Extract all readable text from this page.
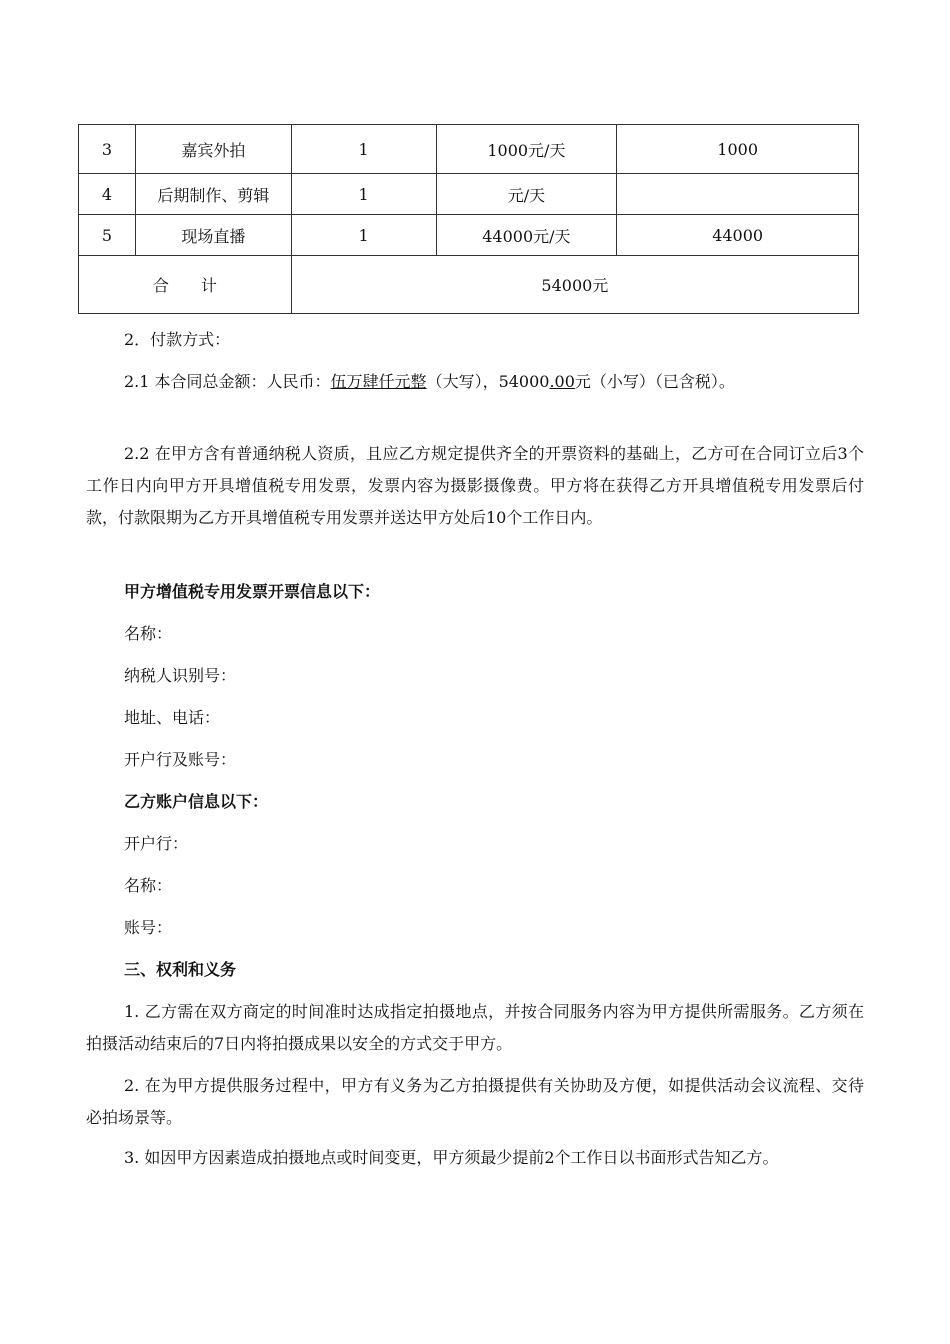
3	嘉宾外拍	1	1000元/天	1000
4	后期制作、剪辑	1	元/天	
5	现场直播	1	44000元/天	44000
合　　计		54000元		
2．付款方式：
2.1 本合同总金额：人民币：伍万肆仟元整（大写），54000.00元（小写）（已含税）。
2.2 在甲方含有普通纳税人资质，且应乙方规定提供齐全的开票资料的基础上，乙方可在合同订立后3个工作日内向甲方开具增值税专用发票，发票内容为摄影摄像费。甲方将在获得乙方开具增值税专用发票后付款，付款限期为乙方开具增值税专用发票并送达甲方处后10个工作日内。
甲方增值税专用发票开票信息以下：
名称：
纳税人识别号：
地址、电话：
开户行及账号：
乙方账户信息以下：
开户行：
名称：
账号：
三、权利和义务
1. 乙方需在双方商定的时间准时达成指定拍摄地点，并按合同服务内容为甲方提供所需服务。乙方须在拍摄活动结束后的7日内将拍摄成果以安全的方式交于甲方。
2. 在为甲方提供服务过程中，甲方有义务为乙方拍摄提供有关协助及方便，如提供活动会议流程、交待必拍场景等。
3. 如因甲方因素造成拍摄地点或时间变更，甲方须最少提前2个工作日以书面形式告知乙方。
